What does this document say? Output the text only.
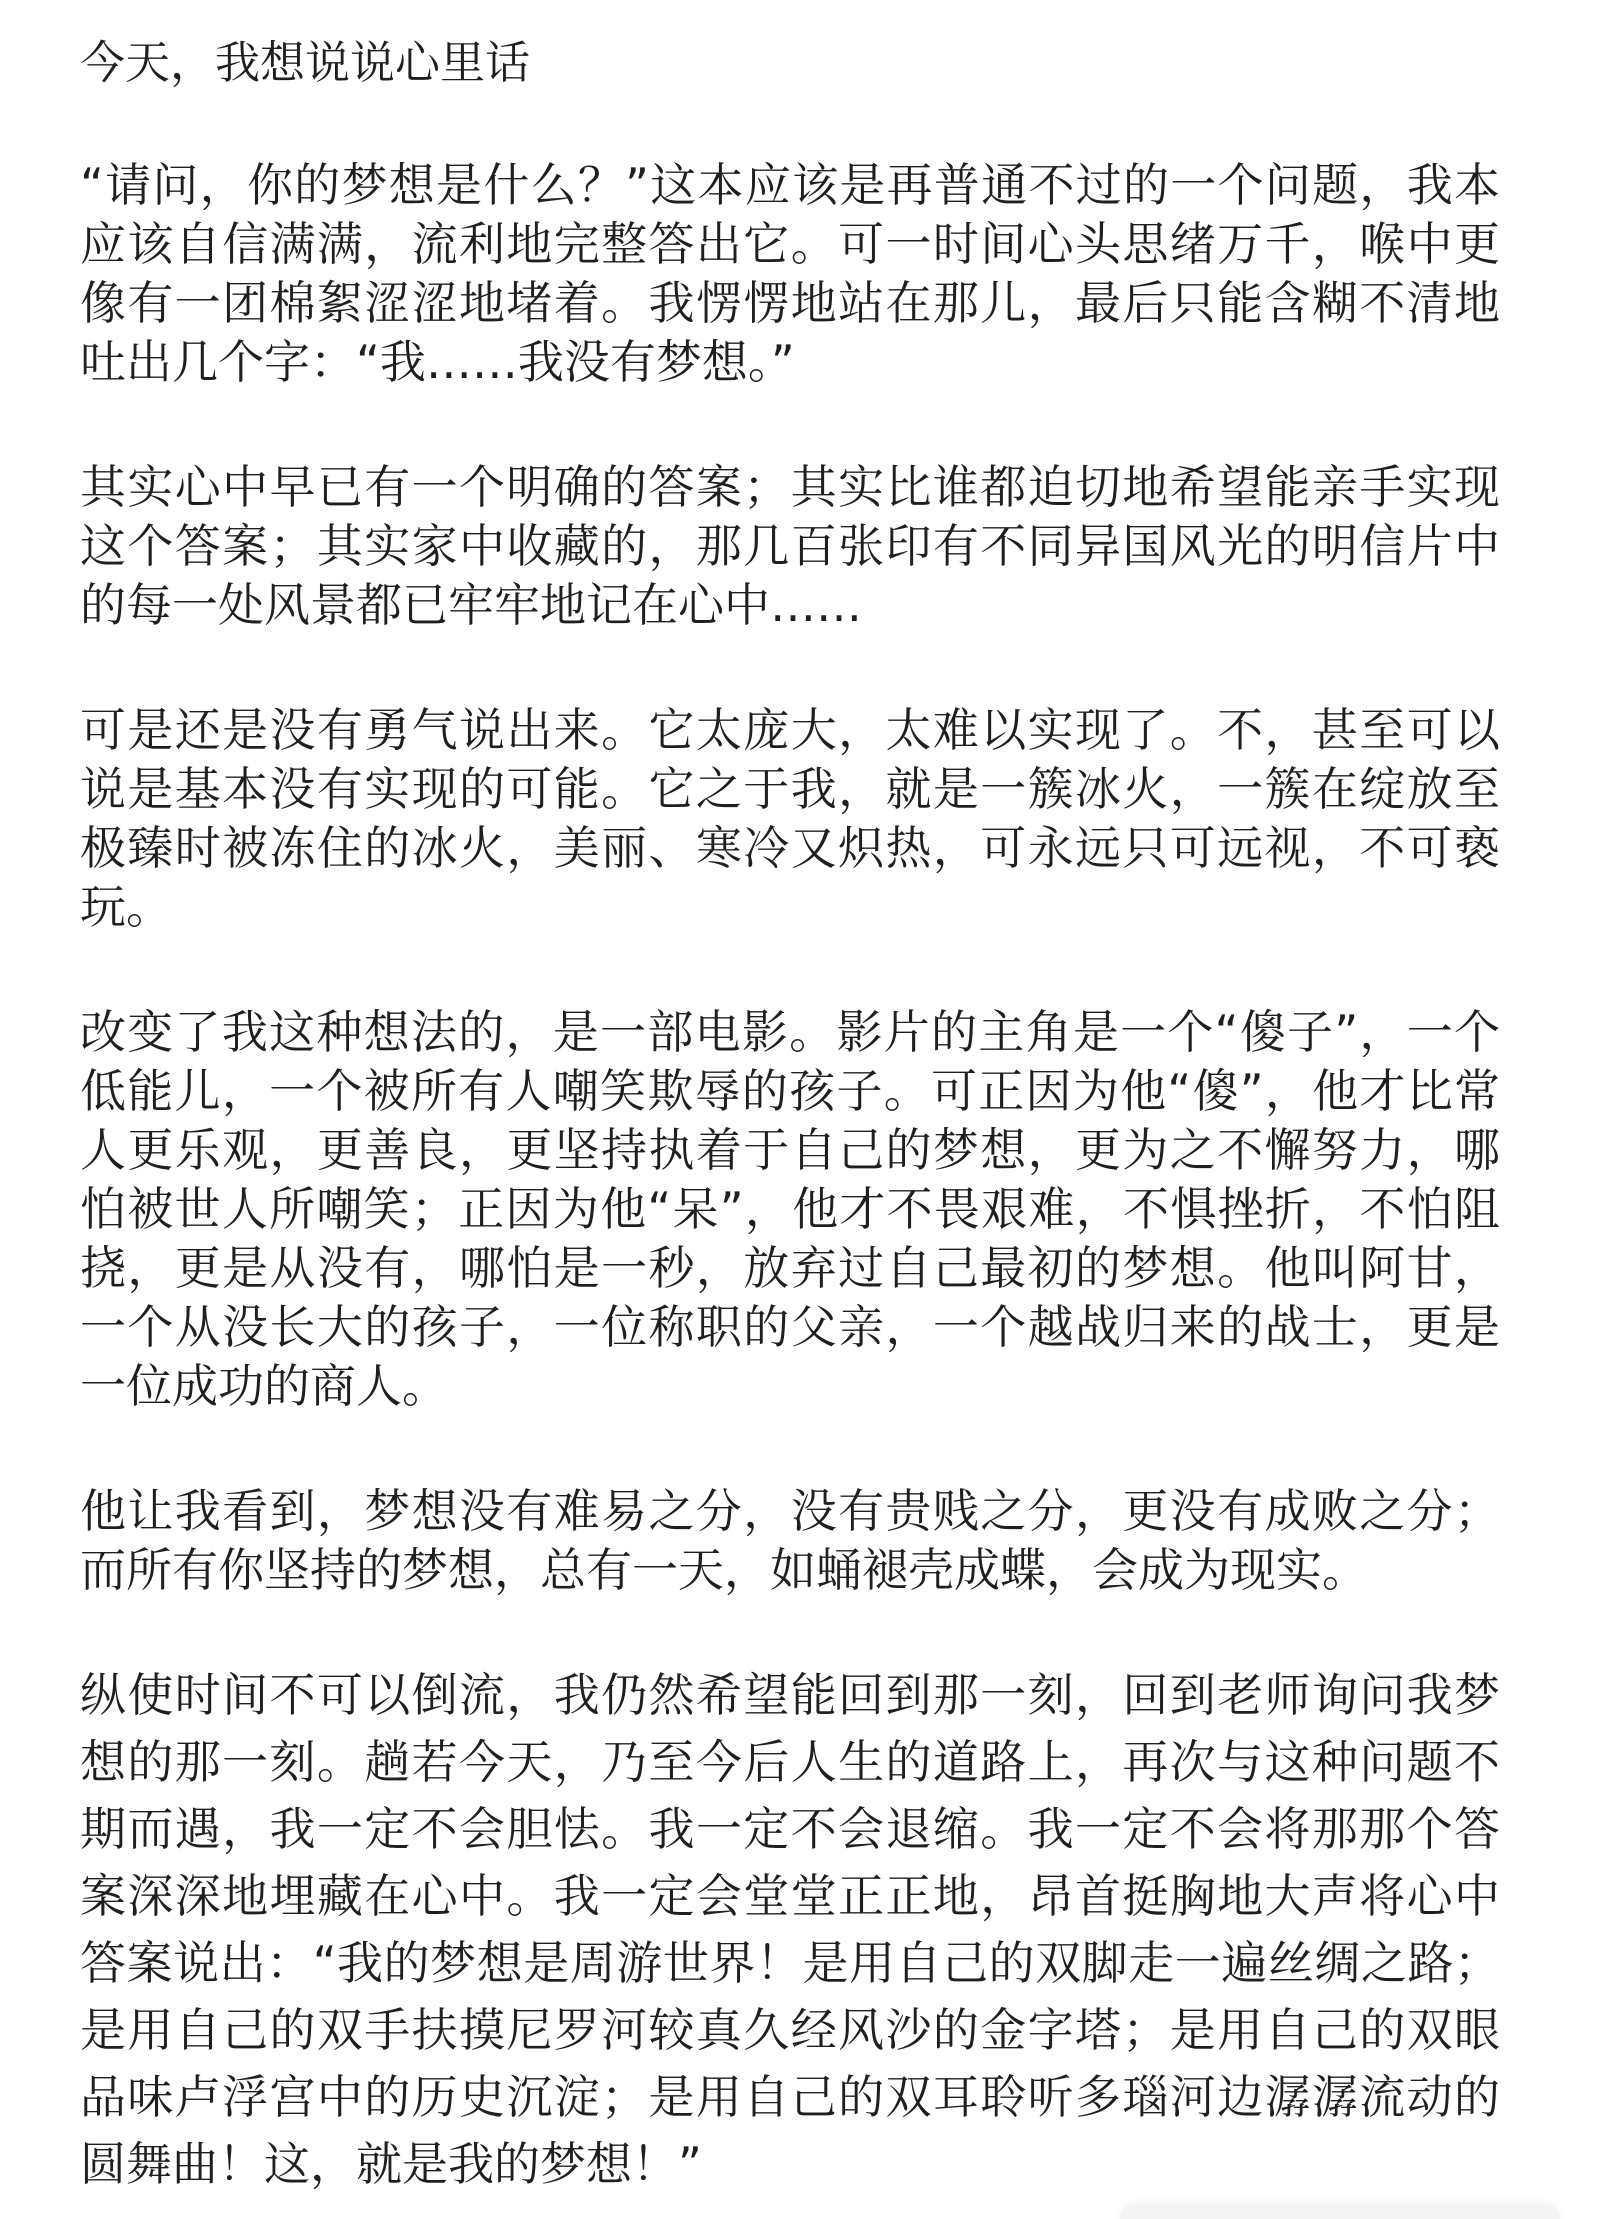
今天，我想说说心里话

“请问，你的梦想是什么？”这本应该是再普通不过的一个问题，我本应该自信满满，流利地完整答出它。可一时间心头思绪万千，喉中更像有一团棉絮涩涩地堵着。我愣愣地站在那儿，最后只能含糊不清地吐出几个字：“我……我没有梦想。”

其实心中早已有一个明确的答案；其实比谁都迫切地希望能亲手实现这个答案；其实家中收藏的，那几百张印有不同异国风光的明信片中的每一处风景都已牢牢地记在心中……

可是还是没有勇气说出来。它太庞大，太难以实现了。不，甚至可以说是基本没有实现的可能。它之于我，就是一簇冰火，一簇在绽放至极臻时被冻住的冰火，美丽、寒冷又炽热，可永远只可远视，不可亵玩。

改变了我这种想法的，是一部电影。影片的主角是一个“傻子”，一个低能儿，一个被所有人嘲笑欺辱的孩子。可正因为他“傻”，他才比常人更乐观，更善良，更坚持执着于自己的梦想，更为之不懈努力，哪怕被世人所嘲笑；正因为他“呆”，他才不畏艰难，不惧挫折，不怕阻挠，更是从没有，哪怕是一秒，放弃过自己最初的梦想。他叫阿甘，一个从没长大的孩子，一位称职的父亲，一个越战归来的战士，更是一位成功的商人。

他让我看到，梦想没有难易之分，没有贵贱之分，更没有成败之分；而所有你坚持的梦想，总有一天，如蛹褪壳成蝶，会成为现实。

纵使时间不可以倒流，我仍然希望能回到那一刻，回到老师询问我梦想的那一刻。趟若今天，乃至今后人生的道路上，再次与这种问题不期而遇，我一定不会胆怯。我一定不会退缩。我一定不会将那那个答案深深地埋藏在心中。我一定会堂堂正正地，昂首挺胸地大声将心中答案说出：“我的梦想是周游世界！是用自己的双脚走一遍丝绸之路；是用自己的双手扶摸尼罗河较真久经风沙的金字塔；是用自己的双眼品味卢浮宫中的历史沉淀；是用自己的双耳聆听多瑙河边潺潺流动的圆舞曲！这，就是我的梦想！”
